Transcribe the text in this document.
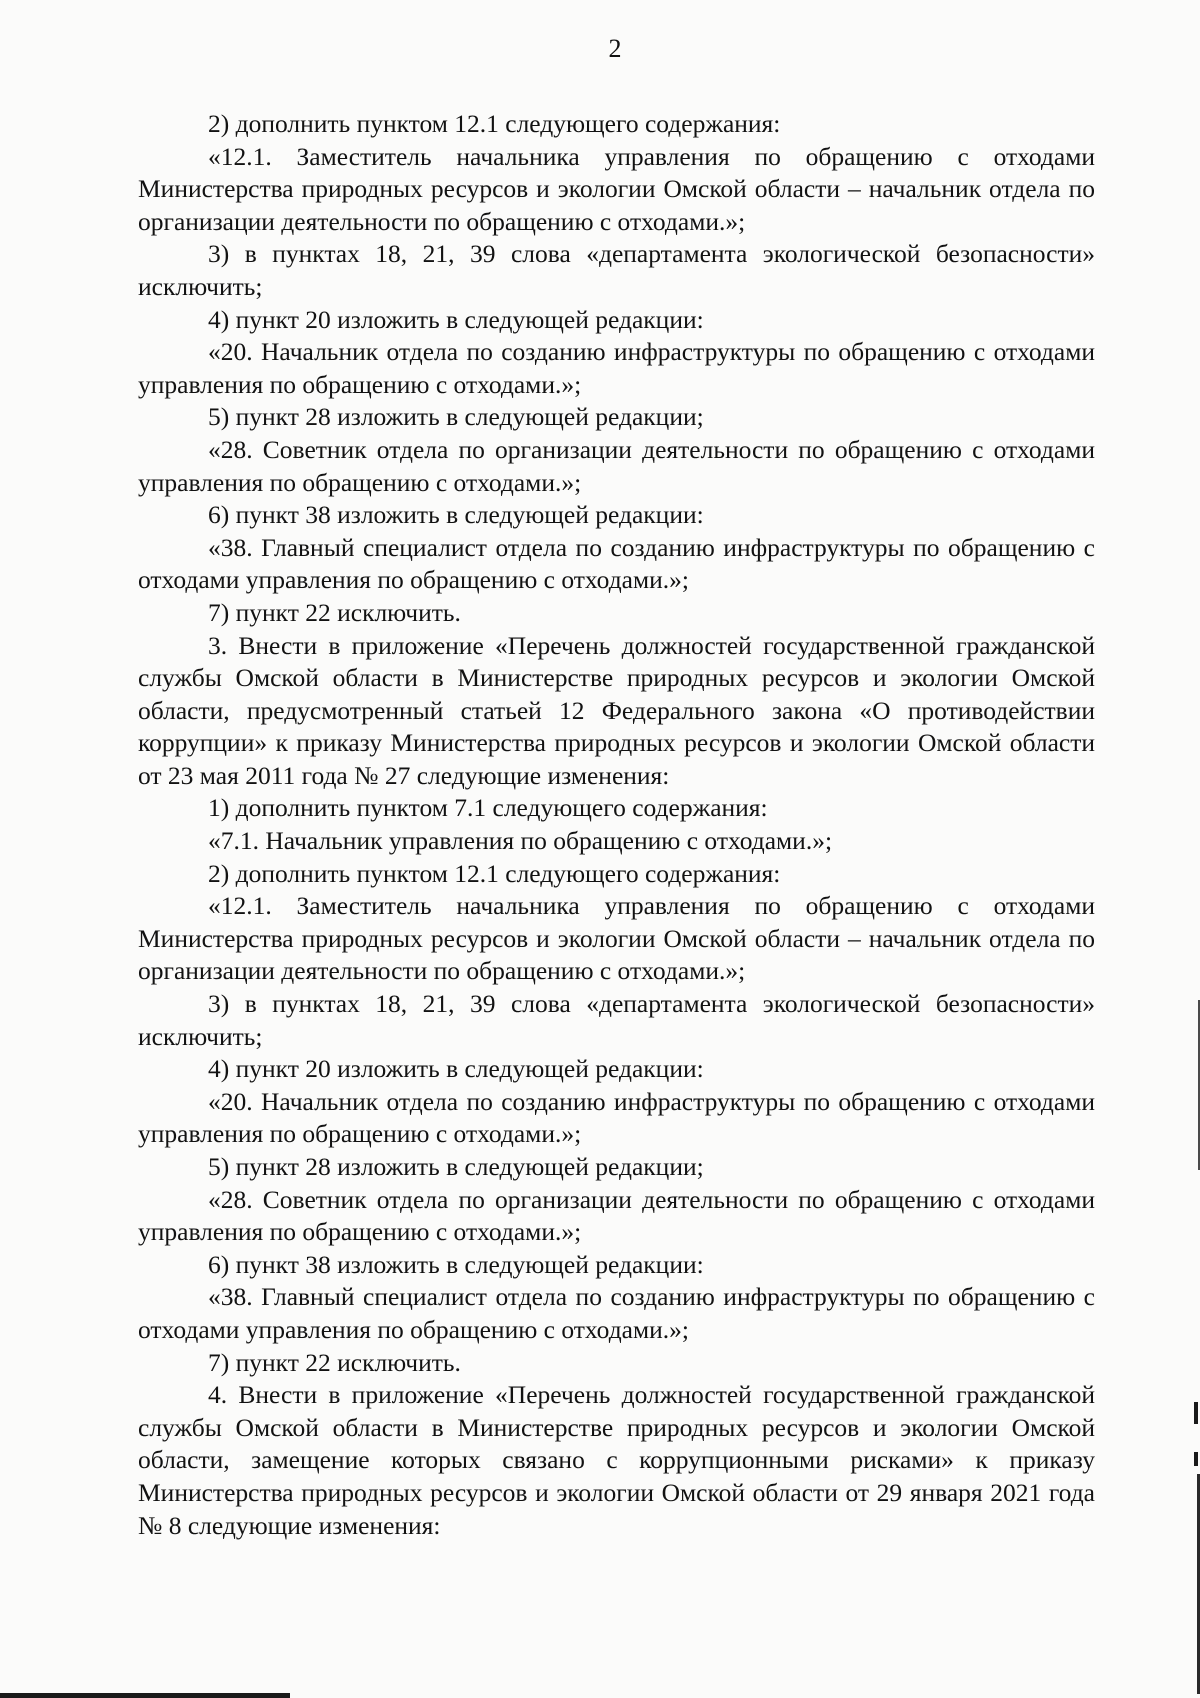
2

2) дополнить пунктом 12.1 следующего содержания:

«12.1. Заместитель начальника управления по обращению с отходами Министерства природных ресурсов и экологии Омской области – начальник отдела по организации деятельности по обращению с отходами.»;

3) в пунктах 18, 21, 39 слова «департамента экологической безопасности» исключить;

4) пункт 20 изложить в следующей редакции:

«20. Начальник отдела по созданию инфраструктуры по обращению с отходами управления по обращению с отходами.»;

5) пункт 28 изложить в следующей редакции;

«28. Советник отдела по организации деятельности по обращению с отходами управления по обращению с отходами.»;

6) пункт 38 изложить в следующей редакции:

«38. Главный специалист отдела по созданию инфраструктуры по обращению с отходами управления по обращению с отходами.»;

7) пункт 22 исключить.

3. Внести в приложение «Перечень должностей государственной гражданской службы Омской области в Министерстве природных ресурсов и экологии Омской области, предусмотренный статьей 12 Федерального закона «О противодействии коррупции» к приказу Министерства природных ресурсов и экологии Омской области от 23 мая 2011 года № 27 следующие изменения:

1) дополнить пунктом 7.1 следующего содержания:

«7.1. Начальник управления по обращению с отходами.»;

2) дополнить пунктом 12.1 следующего содержания:

«12.1. Заместитель начальника управления по обращению с отходами Министерства природных ресурсов и экологии Омской области – начальник отдела по организации деятельности по обращению с отходами.»;

3) в пунктах 18, 21, 39 слова «департамента экологической безопасности» исключить;

4) пункт 20 изложить в следующей редакции:

«20. Начальник отдела по созданию инфраструктуры по обращению с отходами управления по обращению с отходами.»;

5) пункт 28 изложить в следующей редакции;

«28. Советник отдела по организации деятельности по обращению с отходами управления по обращению с отходами.»;

6) пункт 38 изложить в следующей редакции:

«38. Главный специалист отдела по созданию инфраструктуры по обращению с отходами управления по обращению с отходами.»;

7) пункт 22 исключить.

4. Внести в приложение «Перечень должностей государственной гражданской службы Омской области в Министерстве природных ресурсов и экологии Омской области, замещение которых связано с коррупционными рисками» к приказу Министерства природных ресурсов и экологии Омской области от 29 января 2021 года № 8 следующие изменения:
